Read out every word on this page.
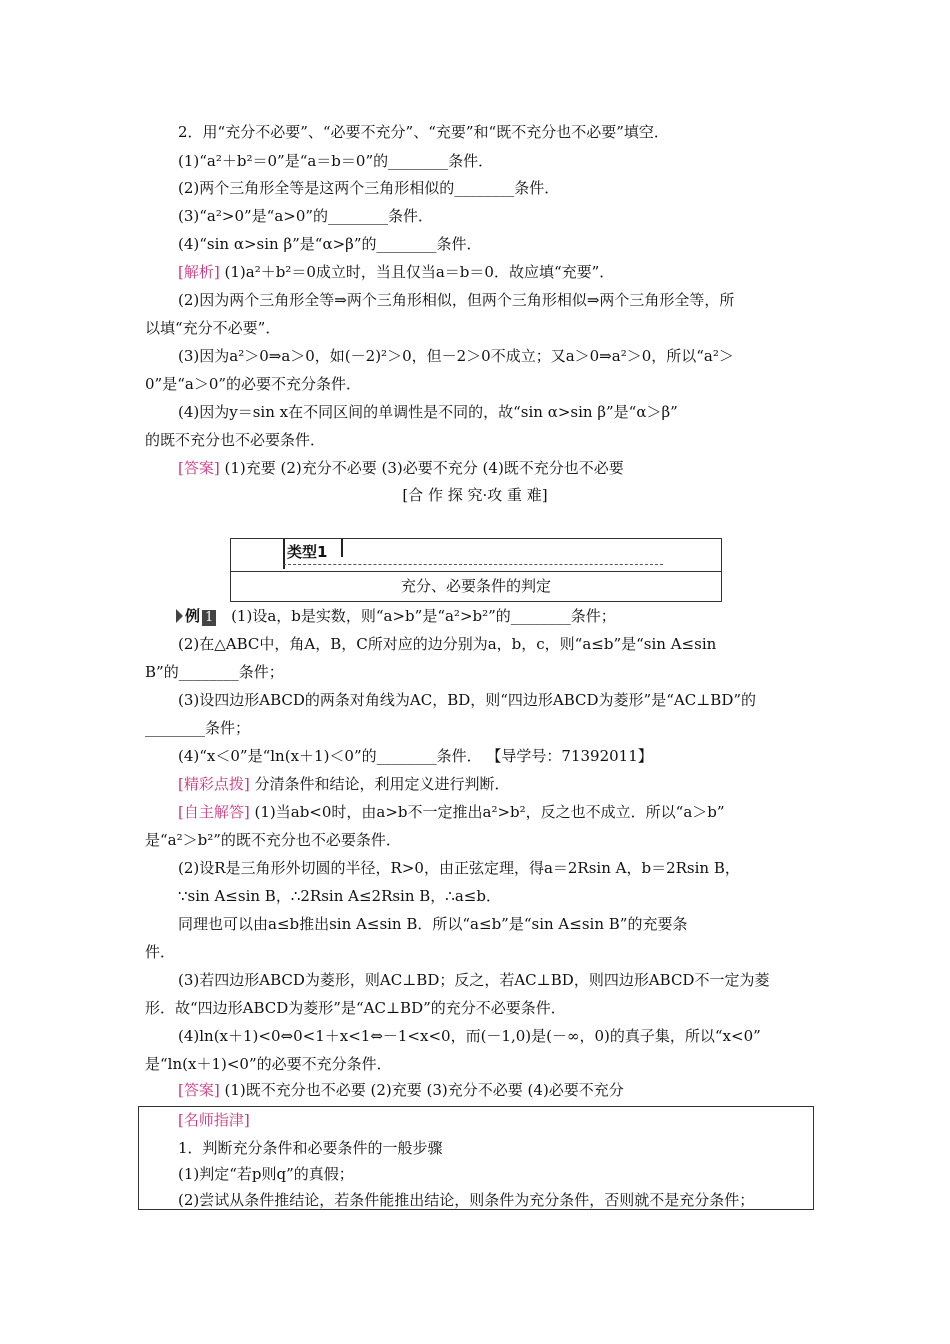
2．用“充分不必要”、“必要不充分”、“充要”和“既不充分也不必要”填空．
(1)“a²＋b²＝0”是“a＝b＝0”的________条件．
(2)两个三角形全等是这两个三角形相似的________条件．
(3)“a²>0”是“a>0”的________条件．
(4)“sin α>sin β”是“α>β”的________条件．
[解析] (1)a²＋b²＝0成立时，当且仅当a＝b＝0．故应填“充要”．
(2)因为两个三角形全等⇒两个三角形相似，但两个三角形相似⇒两个三角形全等，所
以填“充分不必要”．
(3)因为a²＞0⇒a＞0，如(－2)²＞0，但－2＞0不成立；又a＞0⇒a²＞0，所以“a²＞
0”是“a＞0”的必要不充分条件．
(4)因为y＝sin x在不同区间的单调性是不同的，故“sin α>sin β”是“α＞β”
的既不充分也不必要条件．
[答案] (1)充要 (2)充分不必要 (3)必要不充分 (4)既不充分也不必要
[合 作 探 究·攻 重 难]
类型1
充分、必要条件的判定
例 1 (1)设a，b是实数，则“a>b”是“a²>b²”的________条件；
(2)在△ABC中，角A，B，C所对应的边分别为a，b，c，则“a≤b”是“sin A≤sin
B”的________条件；
(3)设四边形ABCD的两条对角线为AC，BD，则“四边形ABCD为菱形”是“AC⊥BD”的
________条件；
(4)“x＜0”是“ln(x＋1)＜0”的________条件． 【导学号：71392011】
[精彩点拨] 分清条件和结论，利用定义进行判断．
[自主解答] (1)当ab<0时，由a>b不一定推出a²>b²，反之也不成立．所以“a＞b”
是“a²＞b²”的既不充分也不必要条件．
(2)设R是三角形外切圆的半径，R>0，由正弦定理，得a＝2Rsin A，b＝2Rsin B，
∵sin A≤sin B，∴2Rsin A≤2Rsin B，∴a≤b．
同理也可以由a≤b推出sin A≤sin B．所以“a≤b”是“sin A≤sin B”的充要条
件．
(3)若四边形ABCD为菱形，则AC⊥BD；反之，若AC⊥BD，则四边形ABCD不一定为菱
形．故“四边形ABCD为菱形”是“AC⊥BD”的充分不必要条件．
(4)ln(x＋1)<0⇔0<1＋x<1⇔－1<x<0，而(－1,0)是(－∞，0)的真子集，所以“x<0”
是“ln(x＋1)<0”的必要不充分条件．
[答案] (1)既不充分也不必要 (2)充要 (3)充分不必要 (4)必要不充分
[名师指津]
1．判断充分条件和必要条件的一般步骤
(1)判定“若p则q”的真假；
(2)尝试从条件推结论，若条件能推出结论，则条件为充分条件，否则就不是充分条件；
